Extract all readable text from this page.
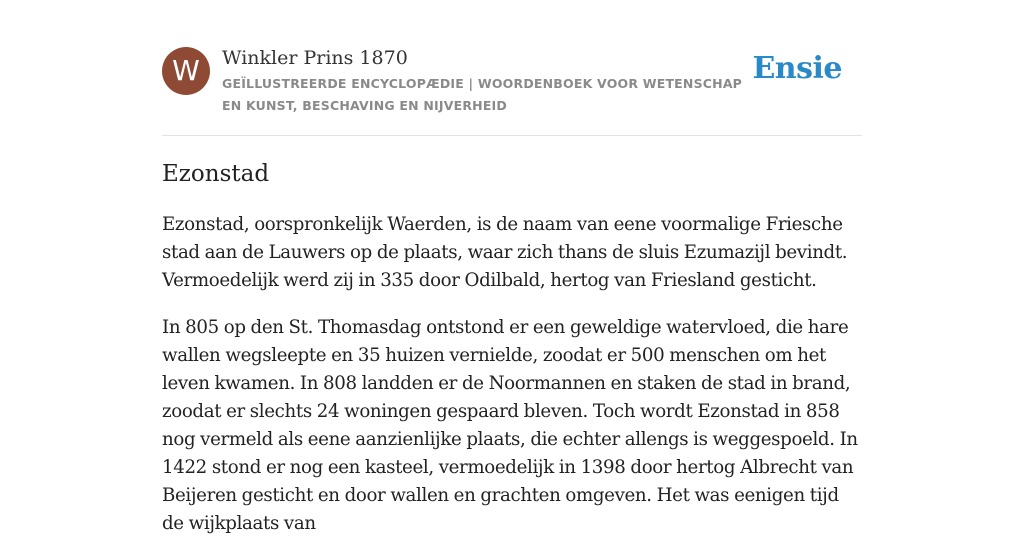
W	Winkler Prins 1870
GEÏLLUSTREERDE ENCYCLOPÆDIE | WOORDENBOEK VOOR WETENSCHAP EN KUNST, BESCHAVING EN NIJVERHEID
Ensie
Ezonstad

Ezonstad, oorspronkelijk Waerden, is de naam van eene voormalige Friesche stad aan de Lauwers op de plaats, waar zich thans de sluis Ezumazijl bevindt. Vermoedelijk werd zij in 335 door Odilbald, hertog van Friesland gesticht.

In 805 op den St. Thomasdag ontstond er een geweldige watervloed, die hare wallen wegsleepte en 35 huizen vernielde, zoodat er 500 menschen om het leven kwamen. In 808 landden er de Noormannen en staken de stad in brand, zoodat er slechts 24 woningen gespaard bleven. Toch wordt Ezonstad in 858 nog vermeld als eene aanzienlijke plaats, die echter allengs is weggespoeld. In 1422 stond er nog een kasteel, vermoedelijk in 1398 door hertog Albrecht van Beijeren gesticht en door wallen en grachten omgeven. Het was eenigen tijd de wijkplaats van
